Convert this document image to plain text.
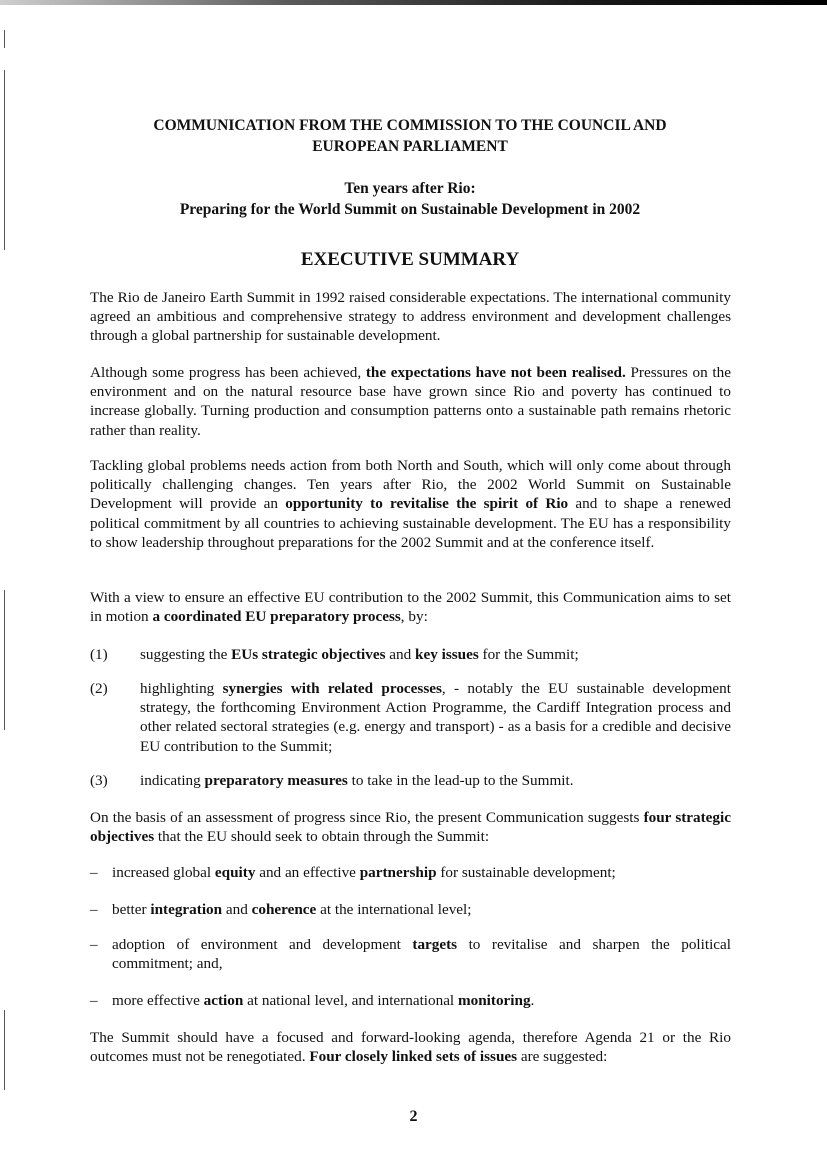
COMMUNICATION FROM THE COMMISSION TO THE COUNCIL AND
EUROPEAN PARLIAMENT
Ten years after Rio:
Preparing for the World Summit on Sustainable Development in 2002
EXECUTIVE SUMMARY

The Rio de Janeiro Earth Summit in 1992 raised considerable expectations. The international community agreed an ambitious and comprehensive strategy to address environment and development challenges through a global partnership for sustainable development.

Although some progress has been achieved, the expectations have not been realised. Pressures on the environment and on the natural resource base have grown since Rio and poverty has continued to increase globally. Turning production and consumption patterns onto a sustainable path remains rhetoric rather than reality.

Tackling global problems needs action from both North and South, which will only come about through politically challenging changes. Ten years after Rio, the 2002 World Summit on Sustainable Development will provide an opportunity to revitalise the spirit of Rio and to shape a renewed political commitment by all countries to achieving sustainable development. The EU has a responsibility to show leadership throughout preparations for the 2002 Summit and at the conference itself.

With a view to ensure an effective EU contribution to the 2002 Summit, this Communication aims to set in motion a coordinated EU preparatory process, by:

(1) suggesting the EUs strategic objectives and key issues for the Summit;

(2) highlighting synergies with related processes, - notably the EU sustainable development strategy, the forthcoming Environment Action Programme, the Cardiff Integration process and other related sectoral strategies (e.g. energy and transport) - as a basis for a credible and decisive EU contribution to the Summit;

(3) indicating preparatory measures to take in the lead-up to the Summit.

On the basis of an assessment of progress since Rio, the present Communication suggests four strategic objectives that the EU should seek to obtain through the Summit:

– increased global equity and an effective partnership for sustainable development;

– better integration and coherence at the international level;

– adoption of environment and development targets to revitalise and sharpen the political commitment; and,

– more effective action at national level, and international monitoring.

The Summit should have a focused and forward-looking agenda, therefore Agenda 21 or the Rio outcomes must not be renegotiated. Four closely linked sets of issues are suggested:

2
